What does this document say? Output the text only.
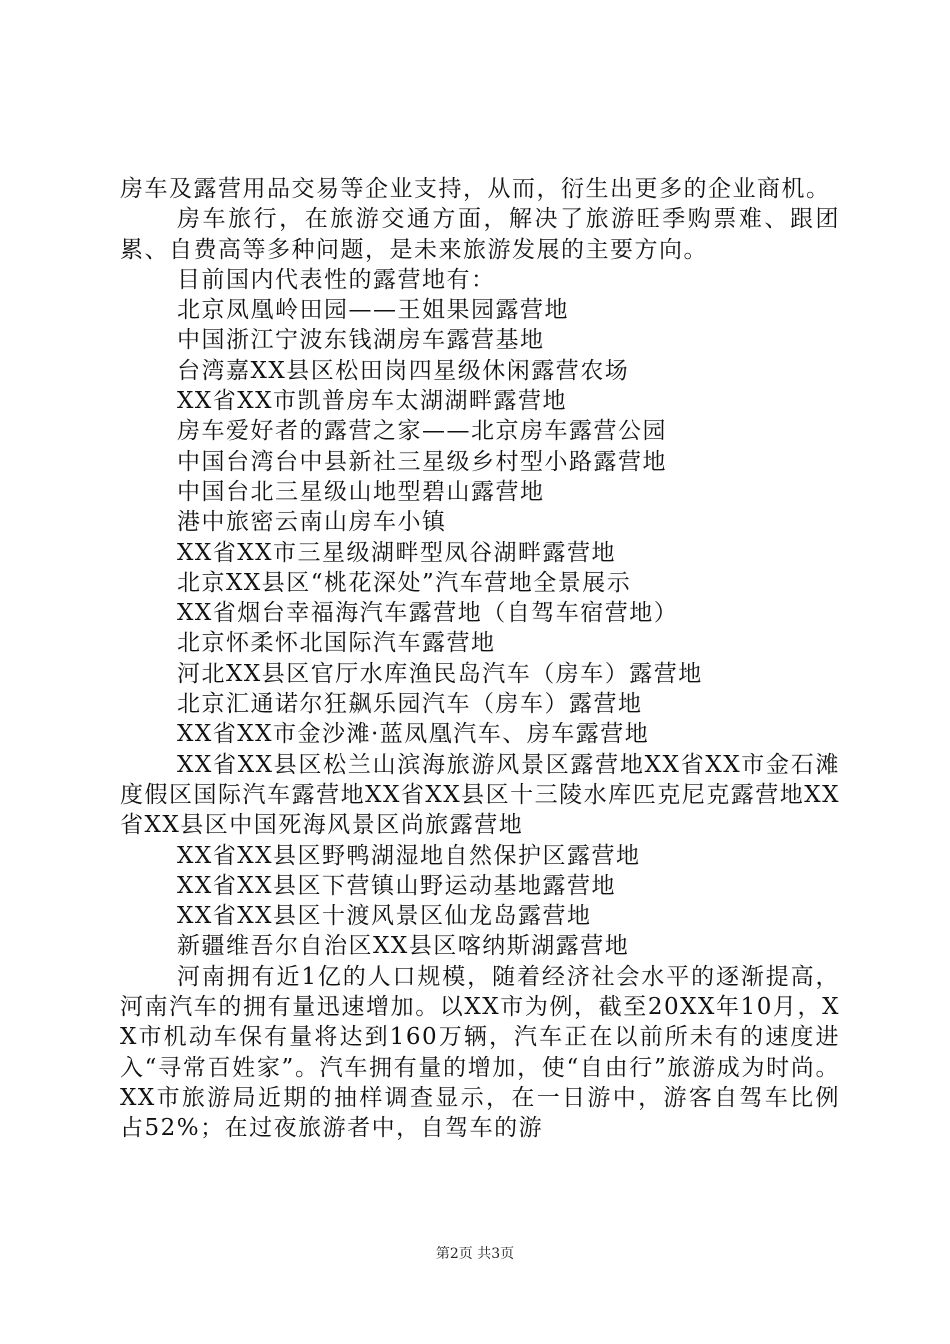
房车及露营用品交易等企业支持，从而，衍生出更多的企业商机。

房车旅行，在旅游交通方面，解决了旅游旺季购票难、跟团累、自费高等多种问题，是未来旅游发展的主要方向。

目前国内代表性的露营地有：

北京凤凰岭田园——王姐果园露营地

中国浙江宁波东钱湖房车露营基地

台湾嘉XX县区松田岗四星级休闲露营农场

XX省XX市凯普房车太湖湖畔露营地

房车爱好者的露营之家——北京房车露营公园

中国台湾台中县新社三星级乡村型小路露营地

中国台北三星级山地型碧山露营地

港中旅密云南山房车小镇

XX省XX市三星级湖畔型凤谷湖畔露营地

北京XX县区“桃花深处”汽车营地全景展示

XX省烟台幸福海汽车露营地（自驾车宿营地）

北京怀柔怀北国际汽车露营地

河北XX县区官厅水库渔民岛汽车（房车）露营地

北京汇通诺尔狂飙乐园汽车（房车）露营地

XX省XX市金沙滩·蓝凤凰汽车、房车露营地

XX省XX县区松兰山滨海旅游风景区露营地XX省XX市金石滩度假区国际汽车露营地XX省XX县区十三陵水库匹克尼克露营地XX省XX县区中国死海风景区尚旅露营地

XX省XX县区野鸭湖湿地自然保护区露营地

XX省XX县区下营镇山野运动基地露营地

XX省XX县区十渡风景区仙龙岛露营地

新疆维吾尔自治区XX县区喀纳斯湖露营地

河南拥有近1亿的人口规模，随着经济社会水平的逐渐提高，河南汽车的拥有量迅速增加。以XX市为例，截至20XX年10月，XX市机动车保有量将达到160万辆，汽车正在以前所未有的速度进入“寻常百姓家”。汽车拥有量的增加，使“自由行”旅游成为时尚。XX市旅游局近期的抽样调查显示，在一日游中，游客自驾车比例占52%；在过夜旅游者中，自驾车的游

第2页 共3页
